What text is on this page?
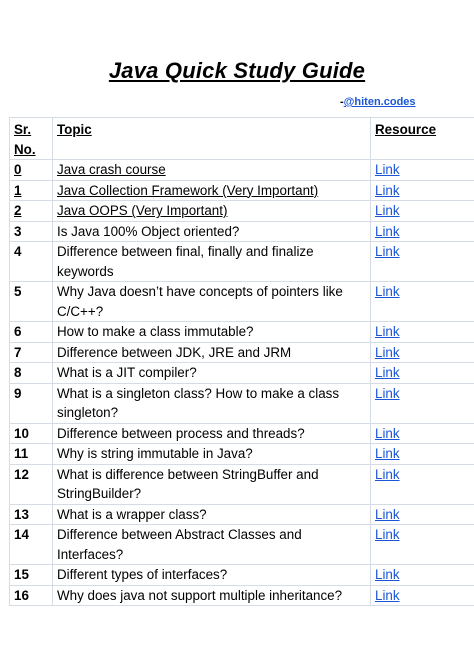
Java Quick Study Guide
-@hiten.codes
Sr. No.	Topic	Resource
0	Java crash course	Link
1	Java Collection Framework (Very Important)	Link
2	Java OOPS (Very Important)	Link
3	Is Java 100% Object oriented?	Link
4	Difference between final, finally and finalize keywords	Link
5	Why Java doesn’t have concepts of pointers like C/C++?	Link
6	How to make a class immutable?	Link
7	Difference between JDK, JRE and JRM	Link
8	What is a JIT compiler?	Link
9	What is a singleton class? How to make a class singleton?	Link
10	Difference between process and threads?	Link
11	Why is string immutable in Java?	Link
12	What is difference between StringBuffer and StringBuilder?	Link
13	What is a wrapper class?	Link
14	Difference between Abstract Classes and Interfaces?	Link
15	Different types of interfaces?	Link
16	Why does java not support multiple inheritance?	Link
